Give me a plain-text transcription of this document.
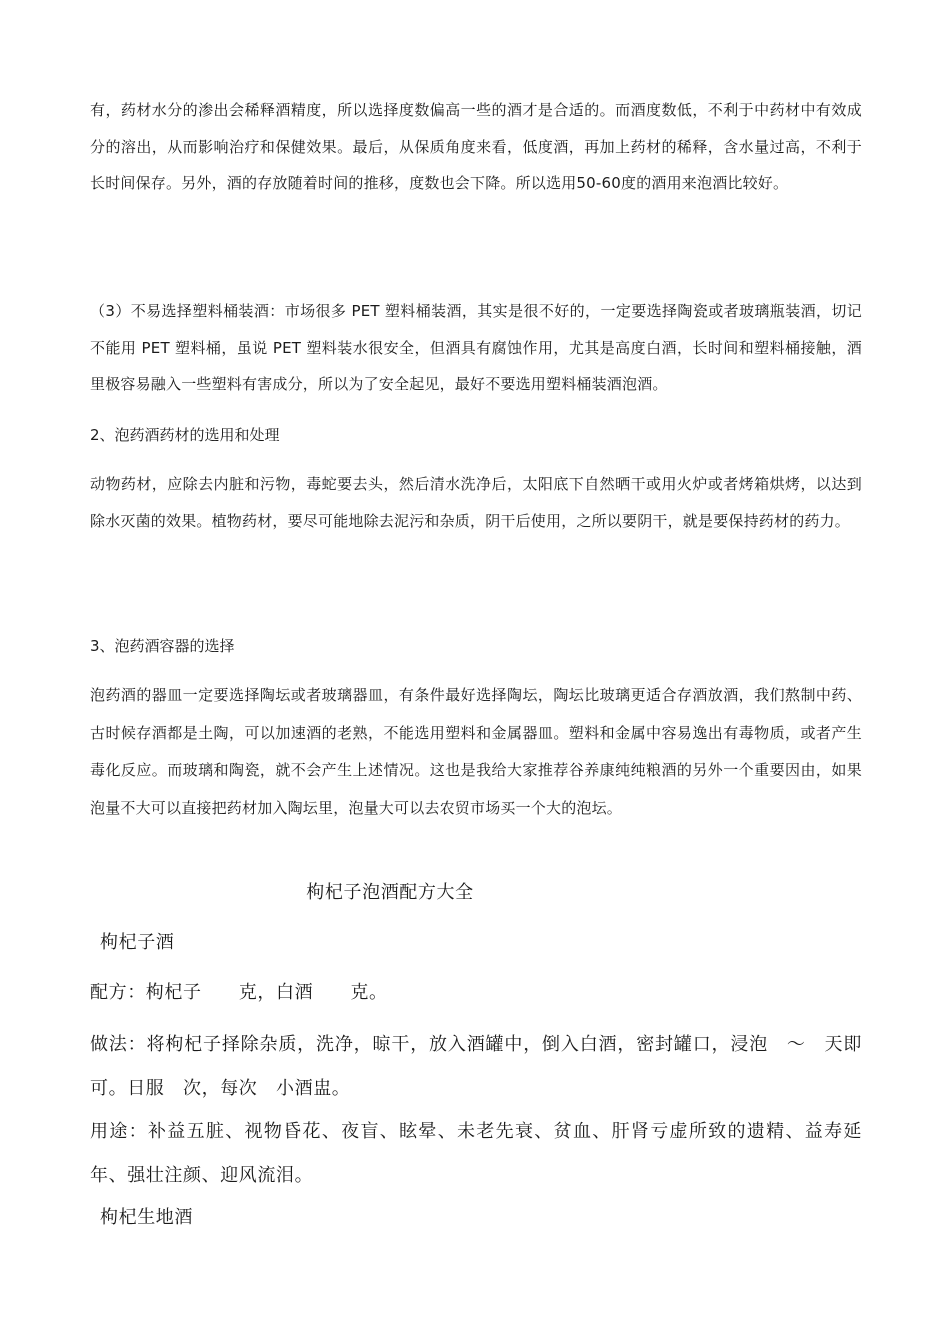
有，药材水分的渗出会稀释酒精度，所以选择度数偏高一些的酒才是合适的。而酒度数低，不利于中药材中有效成分的溶出，从而影响治疗和保健效果。最后，从保质角度来看，低度酒，再加上药材的稀释，含水量过高，不利于长时间保存。另外，酒的存放随着时间的推移，度数也会下降。所以选用50-60度的酒用来泡酒比较好。

（3）不易选择塑料桶装酒：市场很多 PET 塑料桶装酒，其实是很不好的，一定要选择陶瓷或者玻璃瓶装酒，切记不能用 PET 塑料桶，虽说 PET 塑料装水很安全，但酒具有腐蚀作用，尤其是高度白酒，长时间和塑料桶接触，酒里极容易融入一些塑料有害成分，所以为了安全起见，最好不要选用塑料桶装酒泡酒。

2、泡药酒药材的选用和处理

动物药材，应除去内脏和污物，毒蛇要去头，然后清水洗净后，太阳底下自然晒干或用火炉或者烤箱烘烤，以达到除水灭菌的效果。植物药材，要尽可能地除去泥污和杂质，阴干后使用，之所以要阴干，就是要保持药材的药力。

3、泡药酒容器的选择

泡药酒的器皿一定要选择陶坛或者玻璃器皿，有条件最好选择陶坛，陶坛比玻璃更适合存酒放酒，我们熬制中药、古时候存酒都是土陶，可以加速酒的老熟，不能选用塑料和金属器皿。塑料和金属中容易逸出有毒物质，或者产生毒化反应。而玻璃和陶瓷，就不会产生上述情况。这也是我给大家推荐谷养康纯纯粮酒的另外一个重要因由，如果泡量不大可以直接把药材加入陶坛里，泡量大可以去农贸市场买一个大的泡坛。

枸杞子泡酒配方大全

枸杞子酒

配方：枸杞子　　克，白酒　　克。

做法：将枸杞子择除杂质，洗净，晾干，放入酒罐中，倒入白酒，密封罐口，浸泡　～　天即可。日服　次，每次　小酒盅。

用途：补益五脏、视物昏花、夜盲、眩晕、未老先衰、贫血、肝肾亏虚所致的遗精、益寿延年、强壮注颜、迎风流泪。

枸杞生地酒
